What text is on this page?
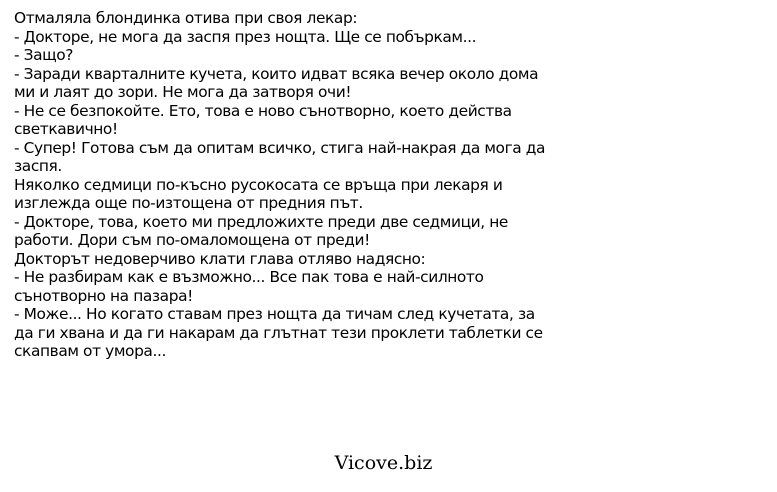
Отмаляла блондинка отива при своя лекар:
- Докторе, не мога да заспя през нощта. Ще се побъркам...
- Защо?
- Заради кварталните кучета, които идват всяка вечер около дома
ми и лаят до зори. Не мога да затворя очи!
- Не се безпокойте. Ето, това е ново сънотворно, което действа
светкавично!
- Супер! Готова съм да опитам всичко, стига най-накрая да мога да
заспя.
Няколко седмици по-късно русокосата се връща при лекаря и
изглежда още по-изтощена от предния път.
- Докторе, това, което ми предложихте преди две седмици, не
работи. Дори съм по-омаломощена от преди!
Докторът недоверчиво клати глава отляво надясно:
- Не разбирам как е възможно... Все пак това е най-силното
сънотворно на пазара!
- Може... Но когато ставам през нощта да тичам след кучетата, за
да ги хвана и да ги накарам да глътнат тези проклети таблетки се
скапвам от умора...
Vicove.biz
